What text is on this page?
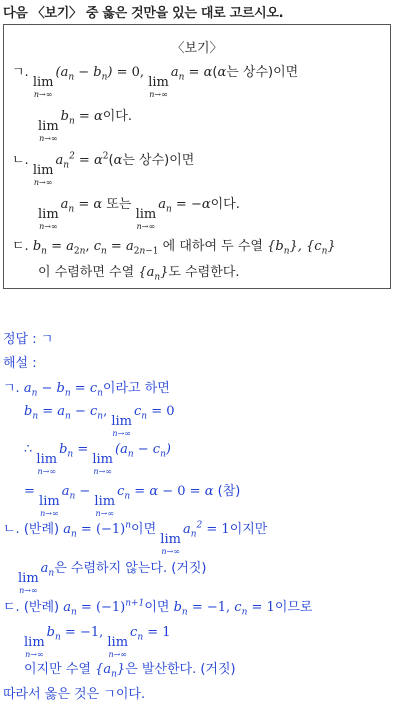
다음 〈보기〉 중 옳은 것만을 있는 대로 고르시오.
〈보기〉
ㄱ.
lim
n→∞
$(a_n - b_n) = 0$,
lim
n→∞
$a_n = \alpha(\alpha$는 상수)이면
lim
n→∞
$b_n = \alpha$이다.
ㄴ.
lim
n→∞
$a_n^2 = \alpha^2(\alpha$는 상수)이면
lim
n→∞
$a_n = \alpha$ 또는
lim
n→∞
$a_n = -\alpha$이다.
ㄷ. $b_n = a_{2n}$, $c_n = a_{2n-1}$ 에 대하여 두 수열 $\{b_n\}$, $\{c_n\}$
이 수렴하면 수열 $\{a_n\}$도 수렴한다.
정답 : ㄱ
해설 :
ㄱ. $a_n - b_n = c_n$이라고 하면
$b_n = a_n - c_n$,
lim
n→∞
$c_n = 0$
∴
lim
n→∞
$b_n$ =
lim
n→∞
$(a_n - c_n)$
=
lim
n→∞
$a_n$ −
lim
n→∞
$c_n = \alpha - 0 = \alpha$ (참)
ㄴ. (반례) $a_n = (-1)^n$이면
lim
n→∞
$a_n^2 = 1$이지만
lim
n→∞
$a_n$은 수렴하지 않는다. (거짓)
ㄷ. (반례) $a_n = (-1)^{n+1}$이면 $b_n = -1$, $c_n = 1$이므로
lim
n→∞
$b_n = -1$,
lim
n→∞
$c_n = 1$
이지만 수열 $\{a_n\}$은 발산한다. (거짓)
따라서 옳은 것은 ㄱ이다.
